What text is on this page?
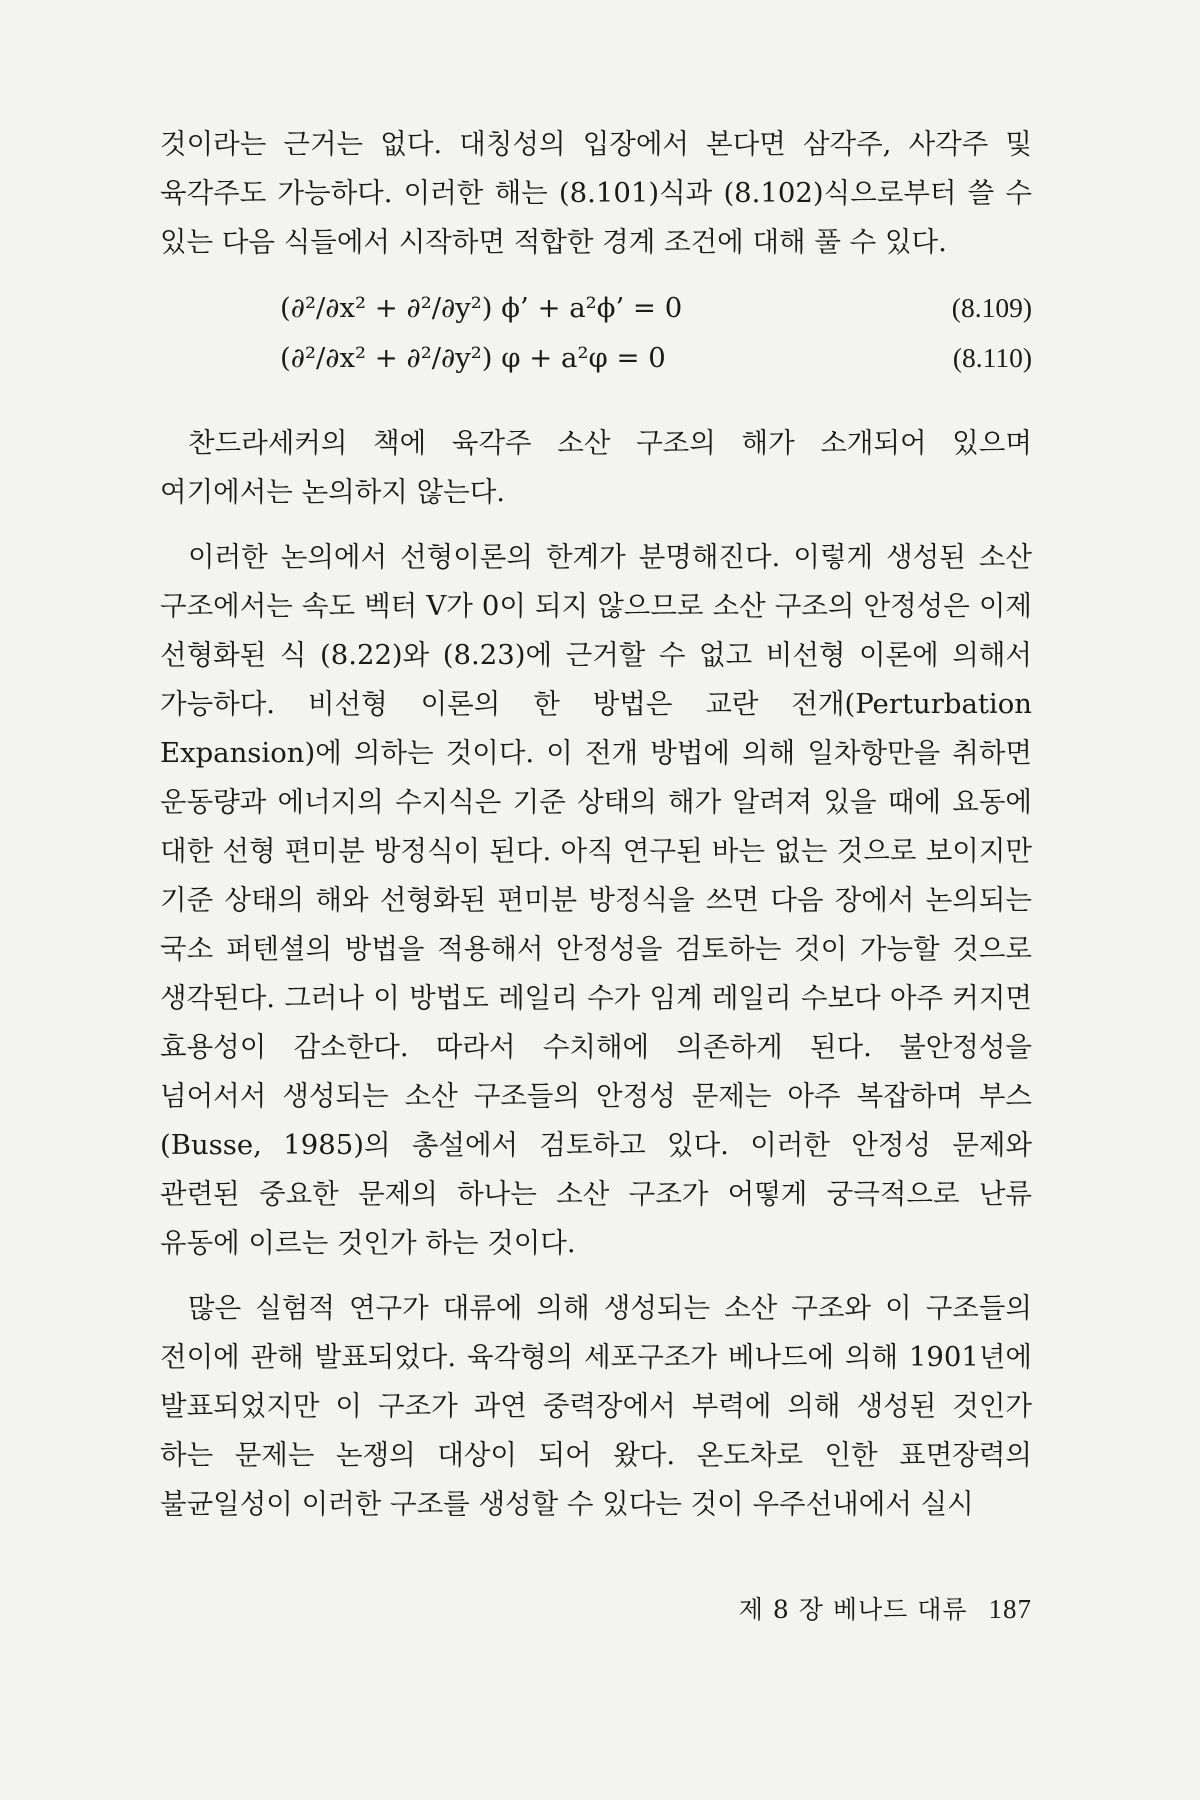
것이라는 근거는 없다. 대칭성의 입장에서 본다면 삼각주, 사각주 및 육각주도 가능하다. 이러한 해는 (8.101)식과 (8.102)식으로부터 쓸 수 있는 다음 식들에서 시작하면 적합한 경계 조건에 대해 풀 수 있다.

(∂²/∂x² + ∂²/∂y²) ϕ’ + a²ϕ’ = 0	(8.109)
(∂²/∂x² + ∂²/∂y²) φ + a²φ = 0	(8.110)

찬드라세커의 책에 육각주 소산 구조의 해가 소개되어 있으며 여기에서는 논의하지 않는다.

이러한 논의에서 선형이론의 한계가 분명해진다. 이렇게 생성된 소산 구조에서는 속도 벡터 V가 0이 되지 않으므로 소산 구조의 안정성은 이제 선형화된 식 (8.22)와 (8.23)에 근거할 수 없고 비선형 이론에 의해서 가능하다. 비선형 이론의 한 방법은 교란 전개(Perturbation Expansion)에 의하는 것이다. 이 전개 방법에 의해 일차항만을 취하면 운동량과 에너지의 수지식은 기준 상태의 해가 알려져 있을 때에 요동에 대한 선형 편미분 방정식이 된다. 아직 연구된 바는 없는 것으로 보이지만 기준 상태의 해와 선형화된 편미분 방정식을 쓰면 다음 장에서 논의되는 국소 퍼텐셜의 방법을 적용해서 안정성을 검토하는 것이 가능할 것으로 생각된다. 그러나 이 방법도 레일리 수가 임계 레일리 수보다 아주 커지면 효용성이 감소한다. 따라서 수치해에 의존하게 된다. 불안정성을 넘어서서 생성되는 소산 구조들의 안정성 문제는 아주 복잡하며 부스(Busse, 1985)의 총설에서 검토하고 있다. 이러한 안정성 문제와 관련된 중요한 문제의 하나는 소산 구조가 어떻게 궁극적으로 난류 유동에 이르는 것인가 하는 것이다.

많은 실험적 연구가 대류에 의해 생성되는 소산 구조와 이 구조들의 전이에 관해 발표되었다. 육각형의 세포구조가 베나드에 의해 1901년에 발표되었지만 이 구조가 과연 중력장에서 부력에 의해 생성된 것인가 하는 문제는 논쟁의 대상이 되어 왔다. 온도차로 인한 표면장력의 불균일성이 이러한 구조를 생성할 수 있다는 것이 우주선내에서 실시

제 8 장 베나드 대류 187
